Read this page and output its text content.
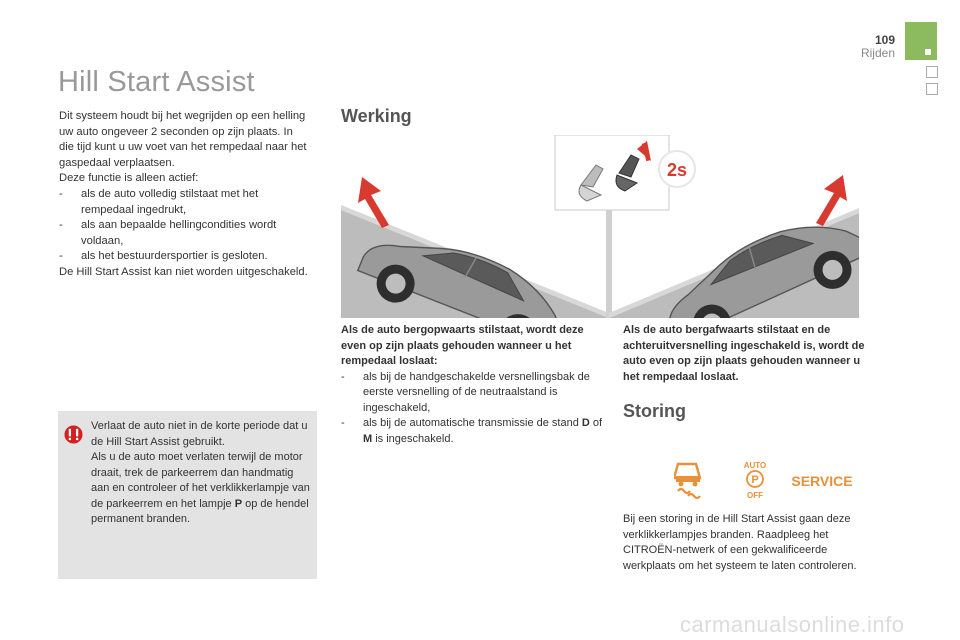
109
Rijden
Hill Start Assist

Dit systeem houdt bij het wegrijden op een helling uw auto ongeveer 2 seconden op zijn plaats. In die tijd kunt u uw voet van het rempedaal naar het gaspedaal verplaatsen.

Deze functie is alleen actief:

-	als de auto volledig stilstaat met het rempedaal ingedrukt,
-	als aan bepaalde hellingcondities wordt voldaan,
-	als het bestuurdersportier is gesloten.

De Hill Start Assist kan niet worden uitgeschakeld.

Verlaat de auto niet in de korte periode dat u de Hill Start Assist gebruikt.
Als u de auto moet verlaten terwijl de motor draait, trek de parkeerrem dan handmatig aan en controleer of het verklikkerlampje van de parkeerrem en het lampje P op de hendel permanent branden.
Werking
2s
Als de auto bergopwaarts stilstaat, wordt deze even op zijn plaats gehouden wanneer u het rempedaal loslaat:
-	als bij de handgeschakelde versnellingsbak de eerste versnelling of de neutraalstand is ingeschakeld,
-	als bij de automatische transmissie de stand D of M is ingeschakeld.
Als de auto bergafwaarts stilstaat en de achteruitversnelling ingeschakeld is, wordt de auto even op zijn plaats gehouden wanneer u het rempedaal loslaat.
Storing
AUTO
P
OFF
SERVICE

Bij een storing in de Hill Start Assist gaan deze verklikkerlampjes branden. Raadpleeg het CITROËN-netwerk of een gekwalificeerde werkplaats om het systeem te laten controleren.

carmanualsonline.info
